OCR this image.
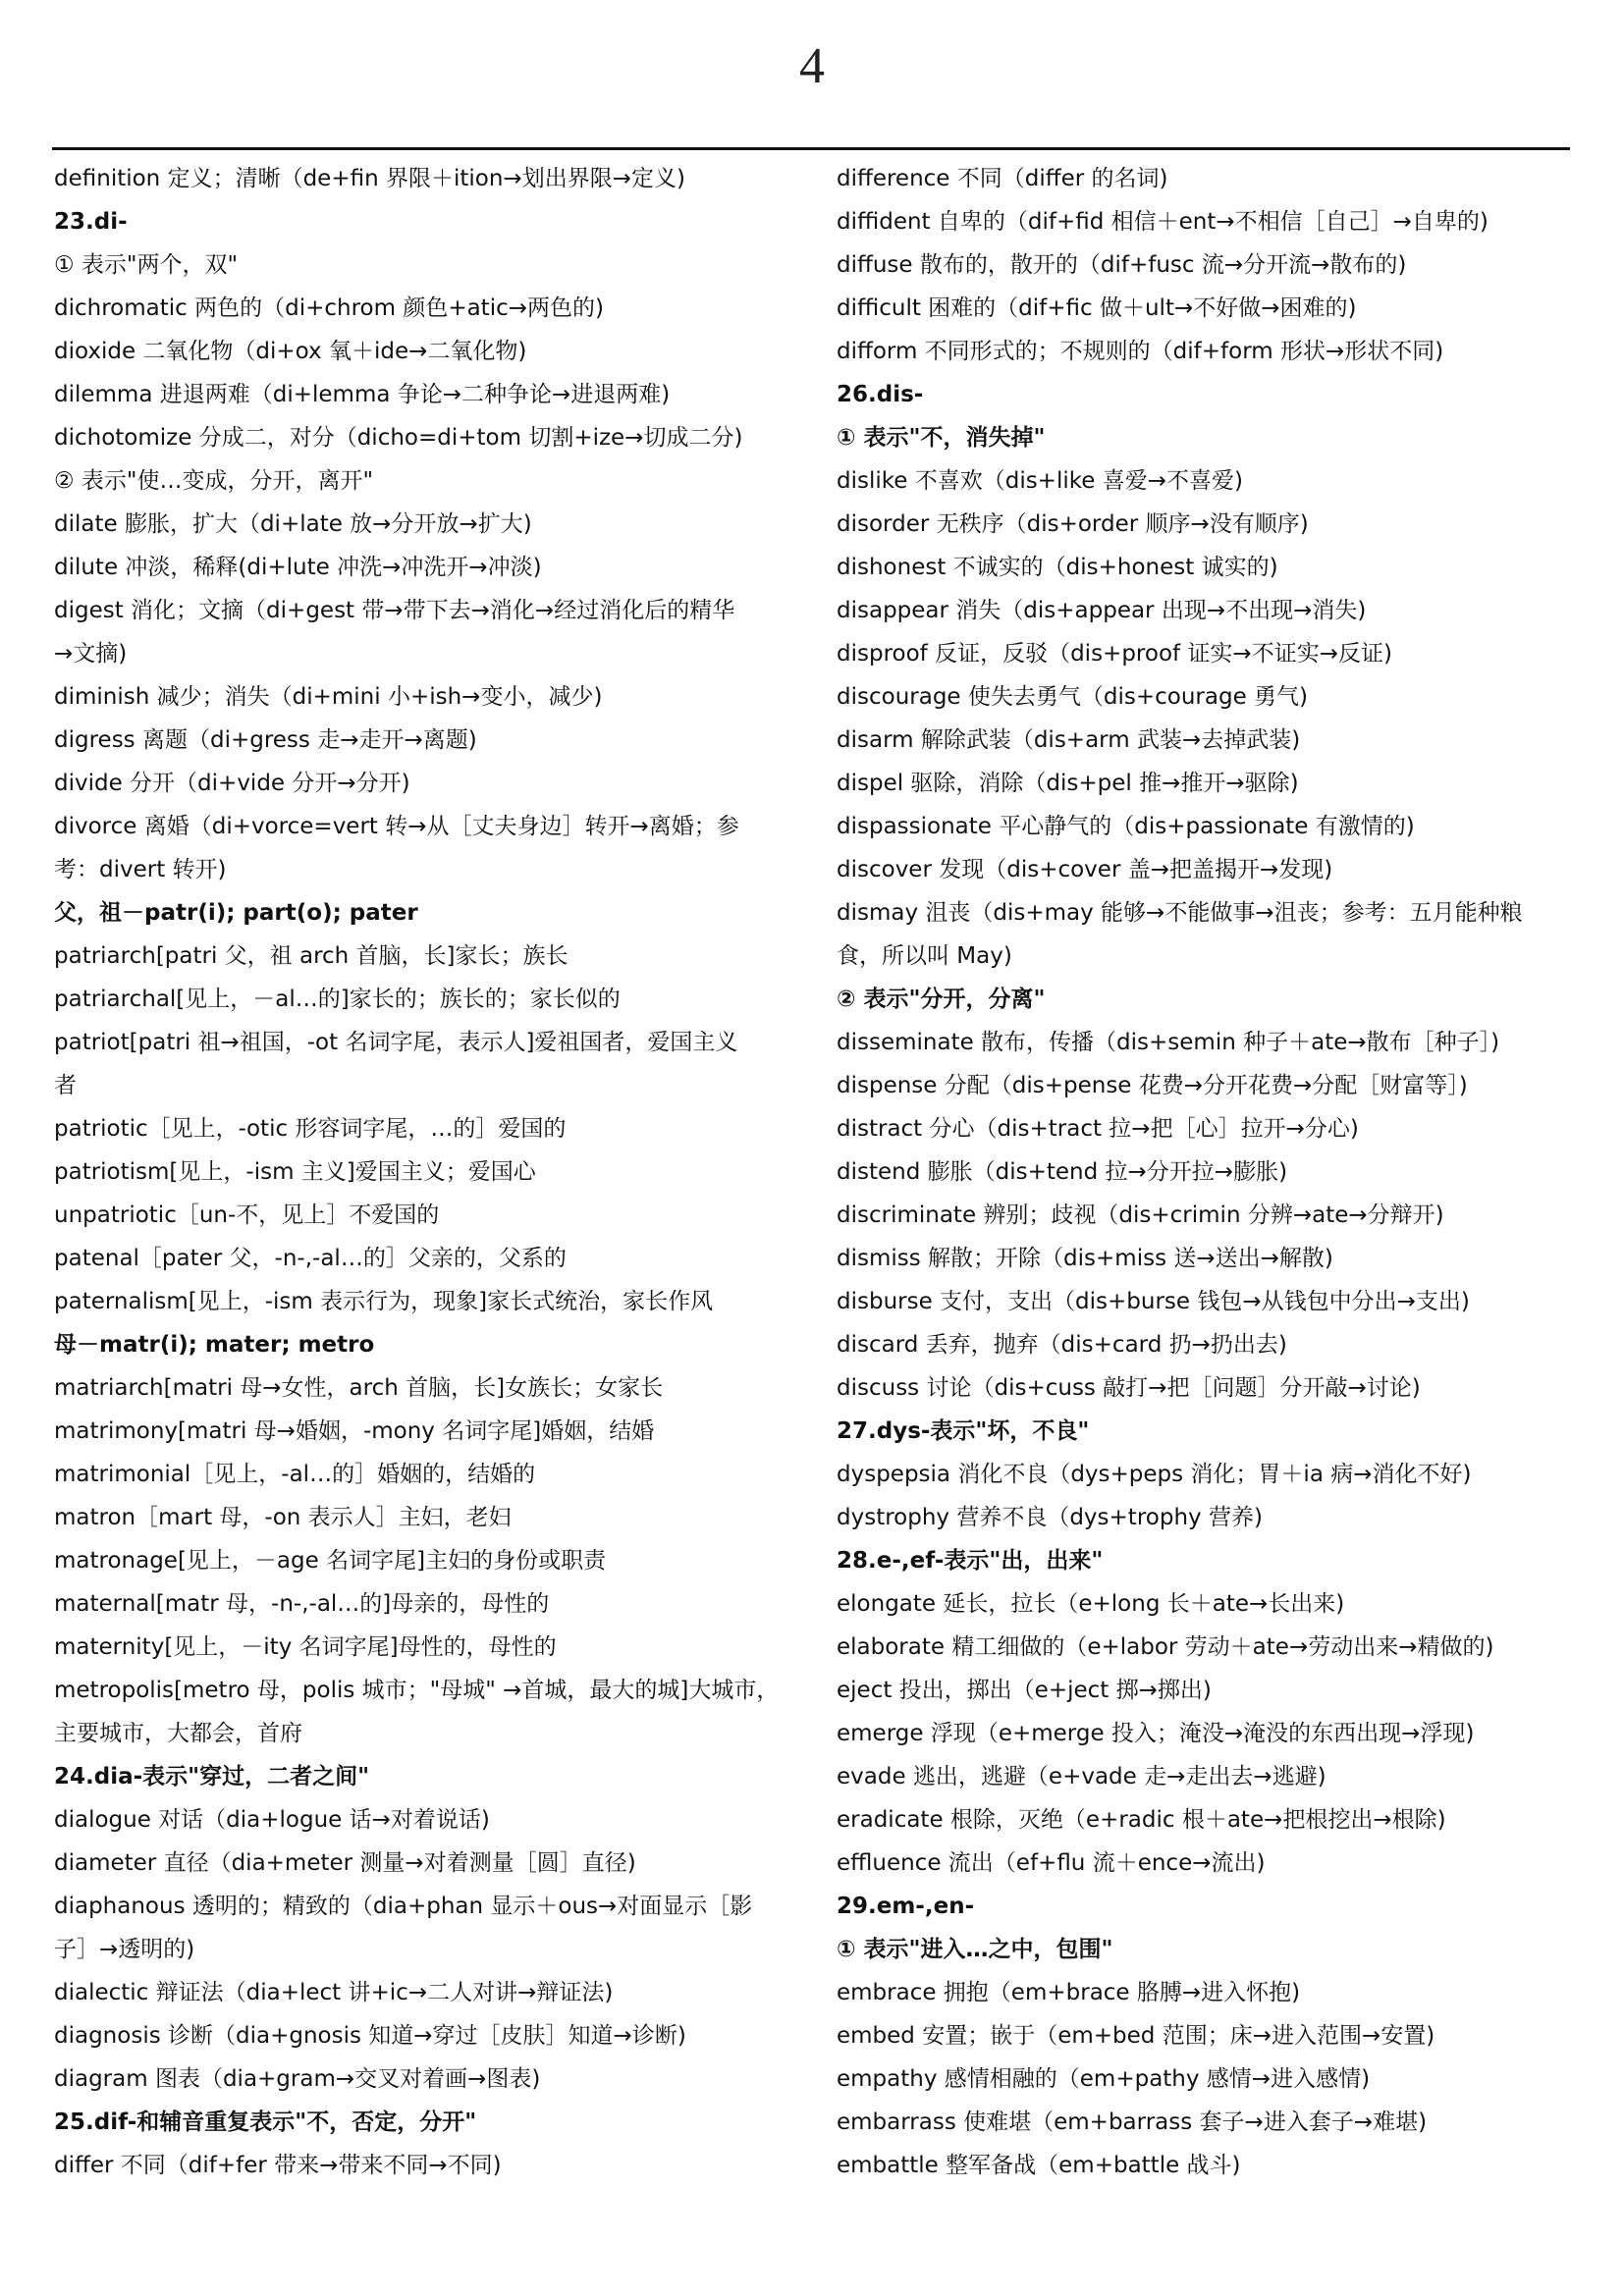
4
definition 定义；清晰（de+fin 界限＋ition→划出界限→定义)
23.di-
① 表示"两个，双"
dichromatic 两色的（di+chrom 颜色+atic→两色的)
dioxide 二氧化物（di+ox 氧＋ide→二氧化物)
dilemma 进退两难（di+lemma 争论→二种争论→进退两难)
dichotomize 分成二，对分（dicho=di+tom 切割+ize→切成二分)
② 表示"使…变成，分开，离开"
dilate 膨胀，扩大（di+late 放→分开放→扩大)
dilute 冲淡，稀释(di+lute 冲洗→冲洗开→冲淡)
digest 消化；文摘（di+gest 带→带下去→消化→经过消化后的精华
→文摘)
diminish 减少；消失（di+mini 小+ish→变小，减少)
digress 离题（di+gress 走→走开→离题)
divide 分开（di+vide 分开→分开)
divorce 离婚（di+vorce=vert 转→从［丈夫身边］转开→离婚；参
考：divert 转开)
父，祖－patr(i); part(o); pater
patriarch[patri 父，祖 arch 首脑，长]家长；族长
patriarchal[见上，－al…的]家长的；族长的；家长似的
patriot[patri 祖→祖国，-ot 名词字尾，表示人]爱祖国者，爱国主义
者
patriotic［见上，-otic 形容词字尾，…的］爱国的
patriotism[见上，-ism 主义]爱国主义；爱国心
unpatriotic［un-不，见上］不爱国的
patenal［pater 父，-n-,-al…的］父亲的，父系的
paternalism[见上，-ism 表示行为，现象]家长式统治，家长作风
母－matr(i); mater; metro
matriarch[matri 母→女性，arch 首脑，长]女族长；女家长
matrimony[matri 母→婚姻，-mony 名词字尾]婚姻，结婚
matrimonial［见上，-al…的］婚姻的，结婚的
matron［mart 母，-on 表示人］主妇，老妇
matronage[见上，－age 名词字尾]主妇的身份或职责
maternal[matr 母，-n-,-al…的]母亲的，母性的
maternity[见上，－ity 名词字尾]母性的，母性的
metropolis[metro 母，polis 城市；"母城" →首城，最大的城]大城市，
主要城市，大都会，首府
24.dia-表示"穿过，二者之间"
dialogue 对话（dia+logue 话→对着说话)
diameter 直径（dia+meter 测量→对着测量［圆］直径)
diaphanous 透明的；精致的（dia+phan 显示＋ous→对面显示［影
子］→透明的)
dialectic 辩证法（dia+lect 讲+ic→二人对讲→辩证法)
diagnosis 诊断（dia+gnosis 知道→穿过［皮肤］知道→诊断)
diagram 图表（dia+gram→交叉对着画→图表)
25.dif-和辅音重复表示"不，否定，分开"
differ 不同（dif+fer 带来→带来不同→不同)
difference 不同（differ 的名词)
diffident 自卑的（dif+fid 相信＋ent→不相信［自己］→自卑的)
diffuse 散布的，散开的（dif+fusc 流→分开流→散布的)
difficult 困难的（dif+fic 做＋ult→不好做→困难的)
difform 不同形式的；不规则的（dif+form 形状→形状不同)
26.dis-
① 表示"不，消失掉"
dislike 不喜欢（dis+like 喜爱→不喜爱)
disorder 无秩序（dis+order 顺序→没有顺序)
dishonest 不诚实的（dis+honest 诚实的)
disappear 消失（dis+appear 出现→不出现→消失)
disproof 反证，反驳（dis+proof 证实→不证实→反证)
discourage 使失去勇气（dis+courage 勇气)
disarm 解除武装（dis+arm 武装→去掉武装)
dispel 驱除，消除（dis+pel 推→推开→驱除)
dispassionate 平心静气的（dis+passionate 有激情的)
discover 发现（dis+cover 盖→把盖揭开→发现)
dismay 沮丧（dis+may 能够→不能做事→沮丧；参考：五月能种粮
食，所以叫 May)
② 表示"分开，分离"
disseminate 散布，传播（dis+semin 种子＋ate→散布［种子］)
dispense 分配（dis+pense 花费→分开花费→分配［财富等］)
distract 分心（dis+tract 拉→把［心］拉开→分心)
distend 膨胀（dis+tend 拉→分开拉→膨胀)
discriminate 辨别；歧视（dis+crimin 分辨→ate→分辩开)
dismiss 解散；开除（dis+miss 送→送出→解散)
disburse 支付，支出（dis+burse 钱包→从钱包中分出→支出)
discard 丢弃，抛弃（dis+card 扔→扔出去)
discuss 讨论（dis+cuss 敲打→把［问题］分开敲→讨论)
27.dys-表示"坏，不良"
dyspepsia 消化不良（dys+peps 消化；胃＋ia 病→消化不好)
dystrophy 营养不良（dys+trophy 营养)
28.e-,ef-表示"出，出来"
elongate 延长，拉长（e+long 长＋ate→长出来)
elaborate 精工细做的（e+labor 劳动＋ate→劳动出来→精做的)
eject 投出，掷出（e+ject 掷→掷出)
emerge 浮现（e+merge 投入；淹没→淹没的东西出现→浮现)
evade 逃出，逃避（e+vade 走→走出去→逃避)
eradicate 根除，灭绝（e+radic 根＋ate→把根挖出→根除)
effluence 流出（ef+flu 流＋ence→流出)
29.em-,en-
① 表示"进入…之中，包围"
embrace 拥抱（em+brace 胳膊→进入怀抱)
embed 安置；嵌于（em+bed 范围；床→进入范围→安置)
empathy 感情相融的（em+pathy 感情→进入感情)
embarrass 使难堪（em+barrass 套子→进入套子→难堪)
embattle 整军备战（em+battle 战斗)
